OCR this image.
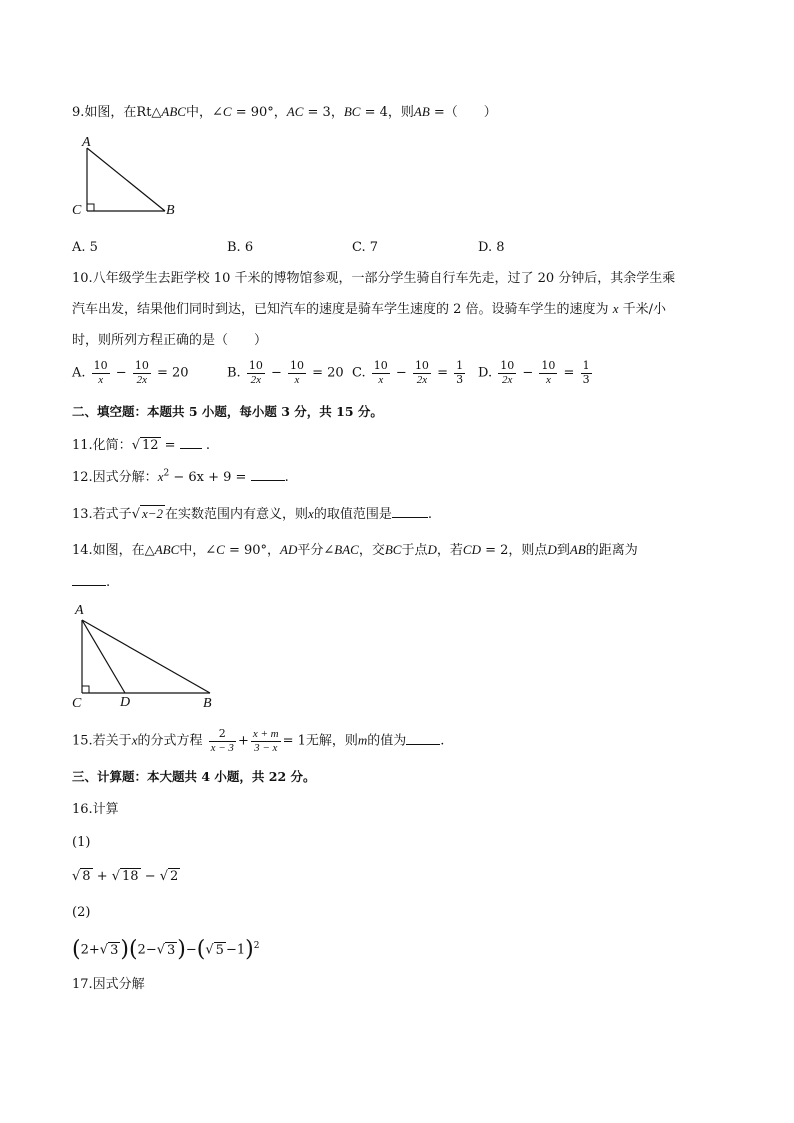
9.如图，在Rt△ABC中，∠C = 90°，AC = 3，BC = 4，则AB =（　　）
A
C	B
A. 5	B. 6	C. 7	D. 8
10.八年级学生去距学校 10 千米的博物馆参观，一部分学生骑自行车先走，过了 20 分钟后，其余学生乘
汽车出发，结果他们同时到达，已知汽车的速度是骑车学生速度的 2 倍。设骑车学生的速度为 x 千米/小
时，则所列方程正确的是（　　）
A. $\frac{10}{x} - \frac{10}{2x} = 20$	B. $\frac{10}{2x} - \frac{10}{x} = 20$ C. $\frac{10}{x} - \frac{10}{2x} = \frac{1}{3} D$. $\frac{10}{2x} - \frac{10}{x} = \frac{1}{3}$
二、填空题：本题共 5 小题，每小题 3 分，共 15 分。
11.化简：√ 12 =  .
12.因式分解：$x^2 - 6x + 9$ =	.
13.若式子√ x−2 在实数范围内有意义，则x的取值范围是	.
14.如图，在△ABC中，∠C = 90°，AD平分∠BAC，交BC于点D，若CD = 2，则点D到AB的距离为
.
A
C	D	B
15.若关于x的分式方程 $\frac{2}{x - 3} + \frac{x + m}{3 - x} = 1$无解，则m的值为	.
三、计算题：本大题共 4 小题，共 22 分。
16.计算
(1)
√ 8 + √ 18 − √ 2
(2)
(2+√ 3)(2−√ 3)−(√ 5 −1)$^2$
17.因式分解
